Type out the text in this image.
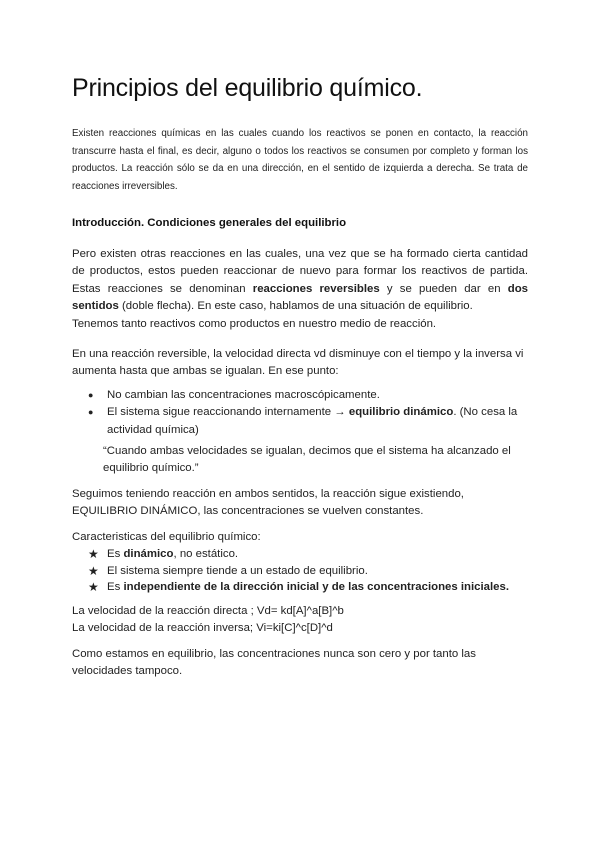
Principios del equilibrio químico.

Existen reacciones químicas en las cuales cuando los reactivos se ponen en contacto, la reacción transcurre hasta el final, es decir, alguno o todos los reactivos se consumen por completo y forman los productos. La reacción sólo se da en una dirección, en el sentido de izquierda a derecha. Se trata de reacciones irreversibles.

Introducción. Condiciones generales del equilibrio

Pero existen otras reacciones en las cuales, una vez que se ha formado cierta cantidad de productos, estos pueden reaccionar de nuevo para formar los reactivos de partida. Estas reacciones se denominan reacciones reversibles y se pueden dar en dos sentidos (doble flecha). En este caso, hablamos de una situación de equilibrio.
Tenemos tanto reactivos como productos en nuestro medio de reacción.

En una reacción reversible, la velocidad directa vd disminuye con el tiempo y la inversa vi aumenta hasta que ambas se igualan. En ese punto:

● No cambian las concentraciones macroscópicamente.
● El sistema sigue reaccionando internamente → equilibrio dinámico. (No cesa la actividad química)

“Cuando ambas velocidades se igualan, decimos que el sistema ha alcanzado el equilibrio químico.”

Seguimos teniendo reacción en ambos sentidos, la reacción sigue existiendo, EQUILIBRIO DINÁMICO, las concentraciones se vuelven constantes.

Caracteristicas del equilibrio químico:

★ Es dinámico, no estático.
★ El sistema siempre tiende a un estado de equilibrio.
★ Es independiente de la dirección inicial y de las concentraciones iniciales.

La velocidad de la reacción directa ; Vd= kd[A]^a[B]^b
La velocidad de la reacción inversa; Vi=ki[C]^c[D]^d

Como estamos en equilibrio, las concentraciones nunca son cero y por tanto las velocidades tampoco.
